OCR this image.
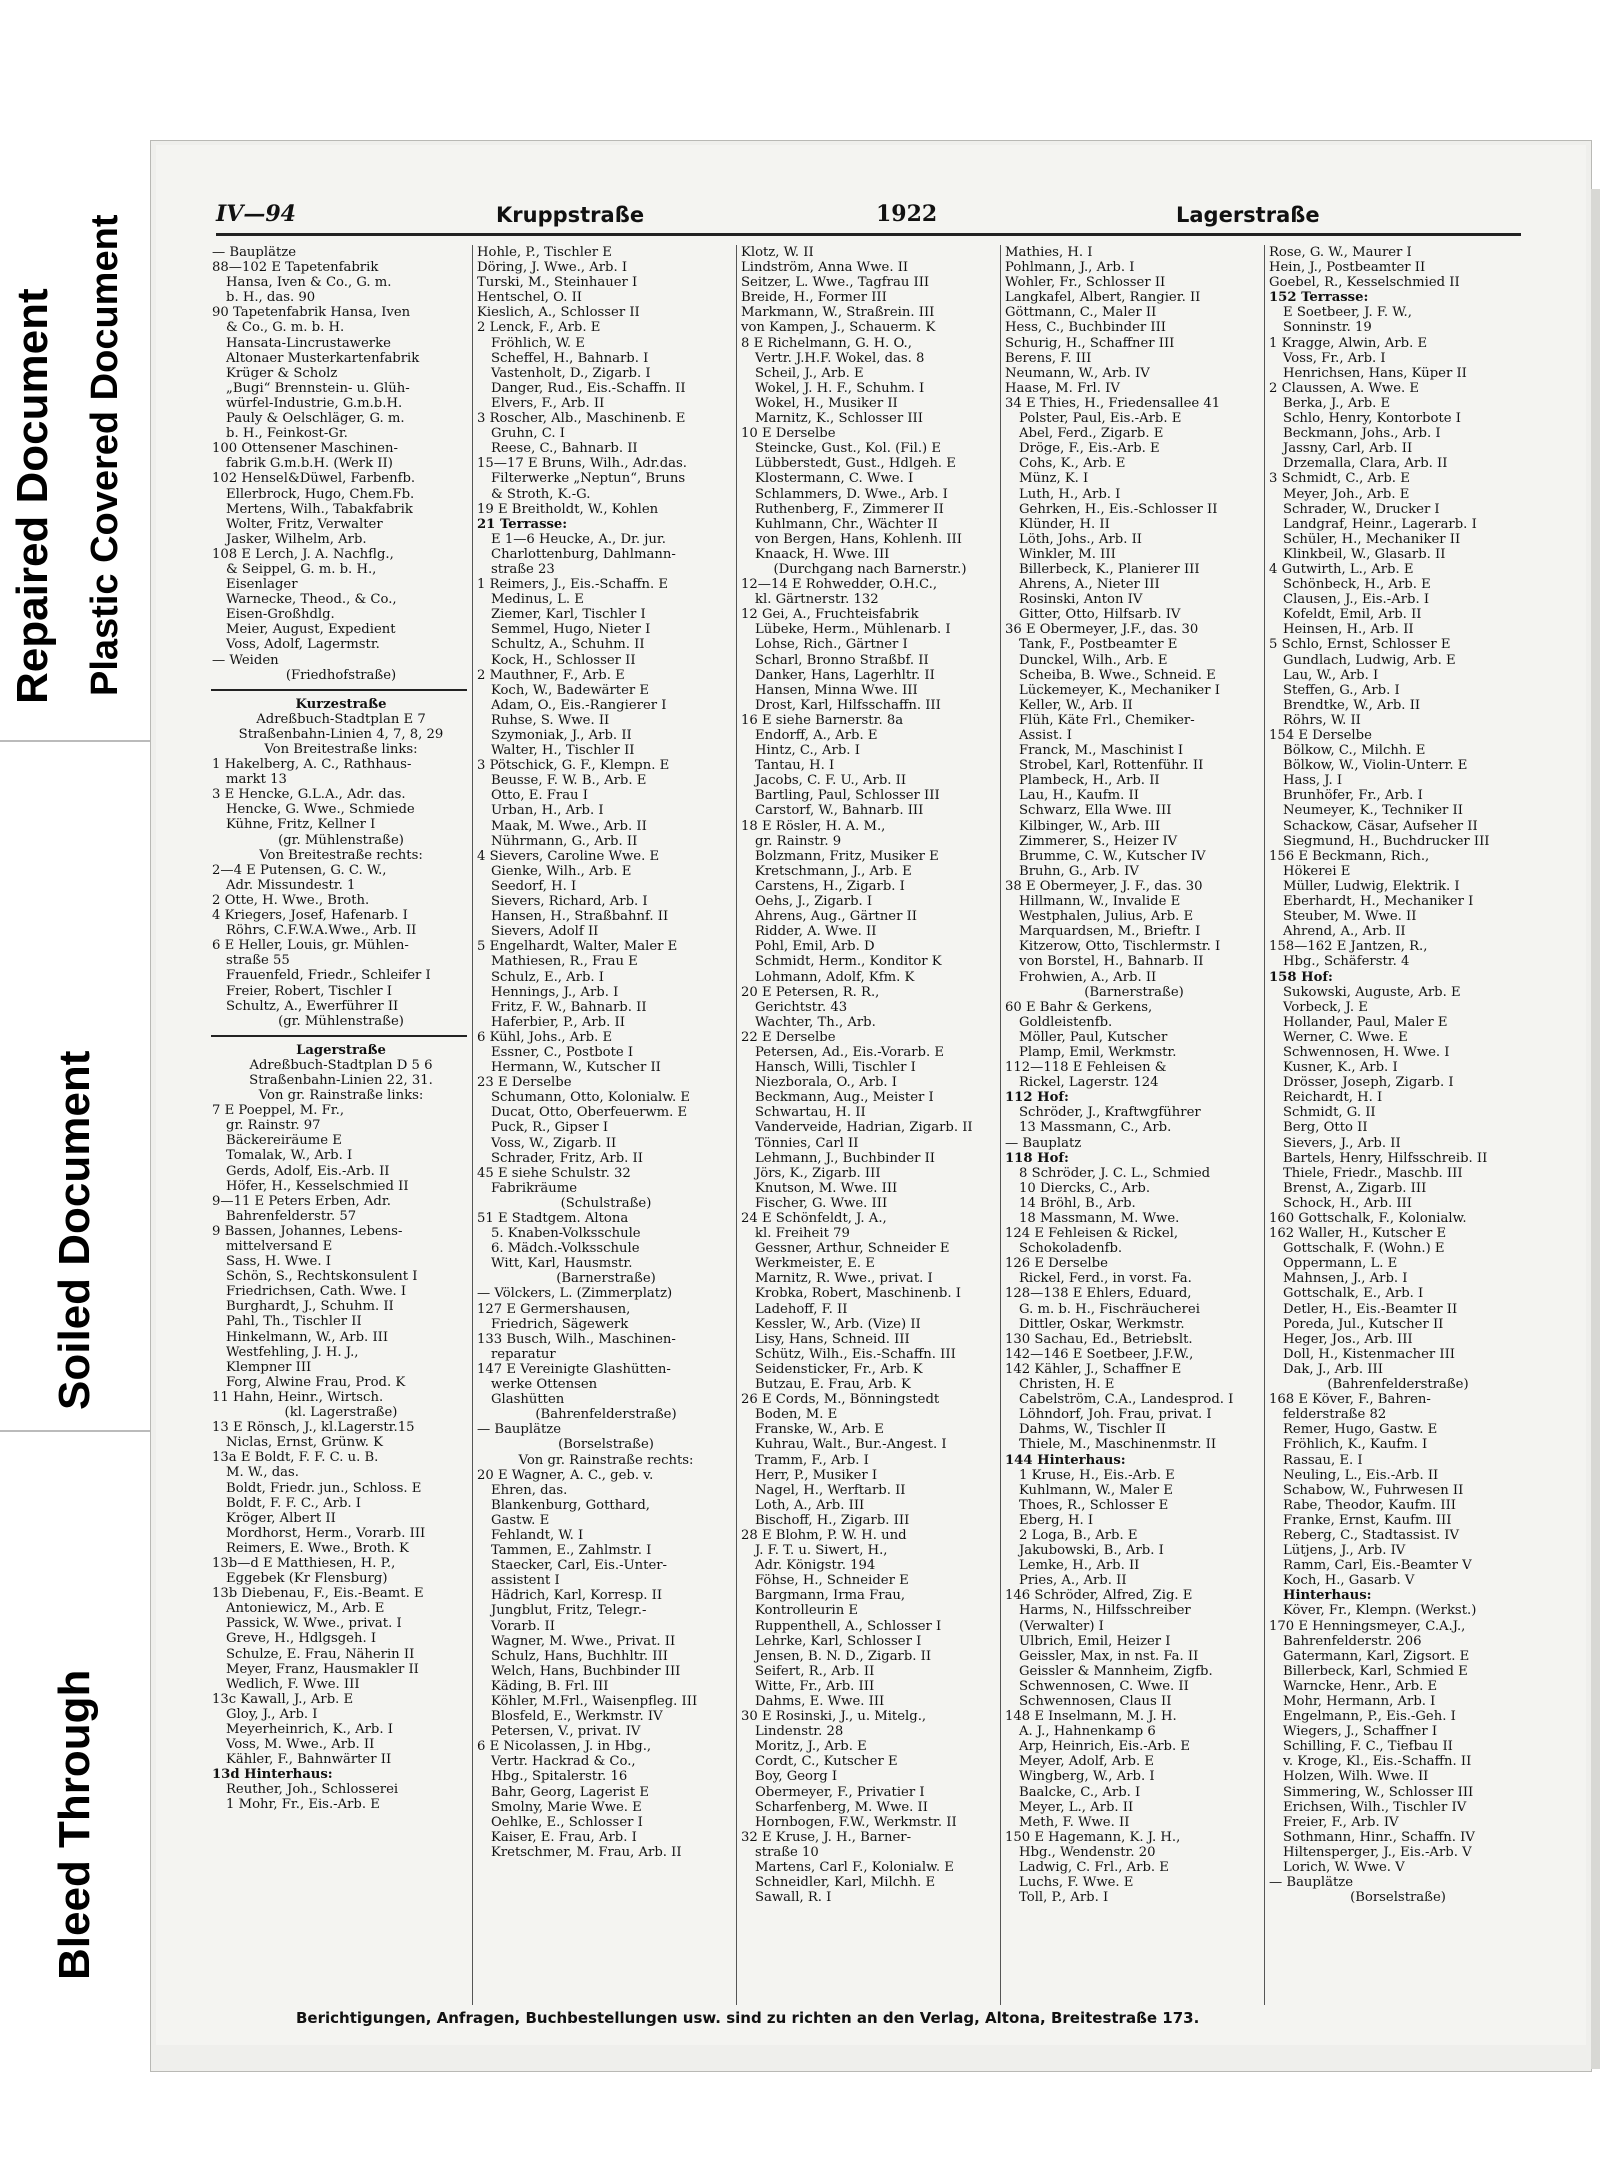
Repaired Document Plastic Covered Document
Soiled Document
Bleed Through
IV—94	Kruppstraße	1922	Lagerstraße
— Bauplätze
88—102 E Tapetenfabrik
Hansa, Iven & Co., G. m.
b. H., das. 90
90 Tapetenfabrik Hansa, Iven
& Co., G. m. b. H.
Hansata-Lincrustawerke
Altonaer Musterkartenfabrik
Krüger & Scholz
„Bugi“ Brennstein- u. Glüh-
würfel-Industrie, G.m.b.H.
Pauly & Oelschläger, G. m.
b. H., Feinkost-Gr.
100 Ottensener Maschinen-
fabrik G.m.b.H. (Werk II)
102 Hensel&Düwel, Farbenfb.
Ellerbrock, Hugo, Chem.Fb.
Mertens, Wilh., Tabakfabrik
Wolter, Fritz, Verwalter
Jasker, Wilhelm, Arb.
108 E Lerch, J. A. Nachflg.,
& Seippel, G. m. b. H.,
Eisenlager
Warnecke, Theod., & Co.,
Eisen-Großhdlg.
Meier, August, Expedient
Voss, Adolf, Lagermstr.
— Weiden
(Friedhofstraße)
Kurzestraße
Adreßbuch-Stadtplan E 7
Straßenbahn-Linien 4, 7, 8, 29
Von Breitestraße links:
1 Hakelberg, A. C., Rathhaus-
markt 13
3 E Hencke, G.L.A., Adr. das.
Hencke, G. Wwe., Schmiede
Kühne, Fritz, Kellner I
(gr. Mühlenstraße)
Von Breitestraße rechts:
2—4 E Putensen, G. C. W.,
Adr. Missundestr. 1
2 Otte, H. Wwe., Broth.
4 Kriegers, Josef, Hafenarb. I
Röhrs, C.F.W.A.Wwe., Arb. II
6 E Heller, Louis, gr. Mühlen-
straße 55
Frauenfeld, Friedr., Schleifer I
Freier, Robert, Tischler I
Schultz, A., Ewerführer II
(gr. Mühlenstraße)
Lagerstraße
Adreßbuch-Stadtplan D 5 6
Straßenbahn-Linien 22, 31.
Von gr. Rainstraße links:
7 E Poeppel, M. Fr.,
gr. Rainstr. 97
Bäckereiräume E
Tomalak, W., Arb. I
Gerds, Adolf, Eis.-Arb. II
Höfer, H., Kesselschmied II
9—11 E Peters Erben, Adr.
Bahrenfelderstr. 57
9 Bassen, Johannes, Lebens-
mittelversand E
Sass, H. Wwe. I
Schön, S., Rechtskonsulent I
Friedrichsen, Cath. Wwe. I
Burghardt, J., Schuhm. II
Pahl, Th., Tischler II
Hinkelmann, W., Arb. III
Westfehling, J. H. J.,
Klempner III
Forg, Alwine Frau, Prod. K
11 Hahn, Heinr., Wirtsch.
(kl. Lagerstraße)
13 E Rönsch, J., kl.Lagerstr.15
Niclas, Ernst, Grünw. K
13a E Boldt, F. F. C. u. B.
M. W., das.
Boldt, Friedr. jun., Schloss. E
Boldt, F. F. C., Arb. I
Kröger, Albert II
Mordhorst, Herm., Vorarb. III
Reimers, E. Wwe., Broth. K
13b—d E Matthiesen, H. P.,
Eggebek (Kr Flensburg)
13b Diebenau, F., Eis.-Beamt. E
Antoniewicz, M., Arb. E
Passick, W. Wwe., privat. I
Greve, H., Hdlgsgeh. I
Schulze, E. Frau, Näherin II
Meyer, Franz, Hausmakler II
Wedlich, F. Wwe. III
13c Kawall, J., Arb. E
Gloy, J., Arb. I
Meyerheinrich, K., Arb. I
Voss, M. Wwe., Arb. II
Kähler, F., Bahnwärter II
13d Hinterhaus:
Reuther, Joh., Schlosserei
1 Mohr, Fr., Eis.-Arb. E
Hohle, P., Tischler E
Döring, J. Wwe., Arb. I
Turski, M., Steinhauer I
Hentschel, O. II
Kieslich, A., Schlosser II
2 Lenck, F., Arb. E
Fröhlich, W. E
Scheffel, H., Bahnarb. I
Vastenholt, D., Zigarb. I
Danger, Rud., Eis.-Schaffn. II
Elvers, F., Arb. II
3 Roscher, Alb., Maschinenb. E
Gruhn, C. I
Reese, C., Bahnarb. II
15—17 E Bruns, Wilh., Adr.das.
Filterwerke „Neptun“, Bruns
& Stroth, K.-G.
19 E Breitholdt, W., Kohlen
21 Terrasse:
E 1—6 Heucke, A., Dr. jur.
Charlottenburg, Dahlmann-
straße 23
1 Reimers, J., Eis.-Schaffn. E
Medinus, L. E
Ziemer, Karl, Tischler I
Semmel, Hugo, Nieter I
Schultz, A., Schuhm. II
Kock, H., Schlosser II
2 Mauthner, F., Arb. E
Koch, W., Badewärter E
Adam, O., Eis.-Rangierer I
Ruhse, S. Wwe. II
Szymoniak, J., Arb. II
Walter, H., Tischler II
3 Pötschick, G. F., Klempn. E
Beusse, F. W. B., Arb. E
Otto, E. Frau I
Urban, H., Arb. I
Maak, M. Wwe., Arb. II
Nührmann, G., Arb. II
4 Sievers, Caroline Wwe. E
Gienke, Wilh., Arb. E
Seedorf, H. I
Sievers, Richard, Arb. I
Hansen, H., Straßbahnf. II
Sievers, Adolf II
5 Engelhardt, Walter, Maler E
Mathiesen, R., Frau E
Schulz, E., Arb. I
Hennings, J., Arb. I
Fritz, F. W., Bahnarb. II
Haferbier, P., Arb. II
6 Kühl, Johs., Arb. E
Essner, C., Postbote I
Hermann, W., Kutscher II
23 E Derselbe
Schumann, Otto, Kolonialw. E
Ducat, Otto, Oberfeuerwm. E
Puck, R., Gipser I
Voss, W., Zigarb. II
Schrader, Fritz, Arb. II
45 E siehe Schulstr. 32
Fabrikräume
(Schulstraße)
51 E Stadtgem. Altona
5. Knaben-Volksschule
6. Mädch.-Volksschule
Witt, Karl, Hausmstr.
(Barnerstraße)
— Völckers, L. (Zimmerplatz)
127 E Germershausen,
Friedrich, Sägewerk
133 Busch, Wilh., Maschinen-
reparatur
147 E Vereinigte Glashütten-
werke Ottensen
Glashütten
(Bahrenfelderstraße)
— Bauplätze
(Borselstraße)
Von gr. Rainstraße rechts:
20 E Wagner, A. C., geb. v.
Ehren, das.
Blankenburg, Gotthard,
Gastw. E
Fehlandt, W. I
Tammen, E., Zahlmstr. I
Staecker, Carl, Eis.-Unter-
assistent I
Hädrich, Karl, Korresp. II
Jungblut, Fritz, Telegr.-
Vorarb. II
Wagner, M. Wwe., Privat. II
Schulz, Hans, Buchhltr. III
Welch, Hans, Buchbinder III
Käding, B. Frl. III
Köhler, M.Frl., Waisenpfleg. III
Blosfeld, E., Werkmstr. IV
Petersen, V., privat. IV
6 E Nicolassen, J. in Hbg.,
Vertr. Hackrad & Co.,
Hbg., Spitalerstr. 16
Bahr, Georg, Lagerist E
Smolny, Marie Wwe. E
Oehlke, E., Schlosser I
Kaiser, E. Frau, Arb. I
Kretschmer, M. Frau, Arb. II
Klotz, W. II
Lindström, Anna Wwe. II
Seitzer, L. Wwe., Tagfrau III
Breide, H., Former III
Markmann, W., Straßrein. III
von Kampen, J., Schauerm. K
8 E Richelmann, G. H. O.,
Vertr. J.H.F. Wokel, das. 8
Scheil, J., Arb. E
Wokel, J. H. F., Schuhm. I
Wokel, H., Musiker II
Marnitz, K., Schlosser III
10 E Derselbe
Steincke, Gust., Kol. (Fil.) E
Lübberstedt, Gust., Hdlgeh. E
Klostermann, C. Wwe. I
Schlammers, D. Wwe., Arb. I
Ruthenberg, F., Zimmerer II
Kuhlmann, Chr., Wächter II
von Bergen, Hans, Kohlenh. III
Knaack, H. Wwe. III
(Durchgang nach Barnerstr.)
12—14 E Rohwedder, O.H.C.,
kl. Gärtnerstr. 132
12 Gei, A., Fruchteisfabrik
Lübeke, Herm., Mühlenarb. I
Lohse, Rich., Gärtner I
Scharl, Bronno Straßbf. II
Danker, Hans, Lagerhltr. II
Hansen, Minna Wwe. III
Drost, Karl, Hilfsschaffn. III
16 E siehe Barnerstr. 8a
Endorff, A., Arb. E
Hintz, C., Arb. I
Tantau, H. I
Jacobs, C. F. U., Arb. II
Bartling, Paul, Schlosser III
Carstorf, W., Bahnarb. III
18 E Rösler, H. A. M.,
gr. Rainstr. 9
Bolzmann, Fritz, Musiker E
Kretschmann, J., Arb. E
Carstens, H., Zigarb. I
Oehs, J., Zigarb. I
Ahrens, Aug., Gärtner II
Ridder, A. Wwe. II
Pohl, Emil, Arb. D
Schmidt, Herm., Konditor K
Lohmann, Adolf, Kfm. K
20 E Petersen, R. R.,
Gerichtstr. 43
Wachter, Th., Arb.
22 E Derselbe
Petersen, Ad., Eis.-Vorarb. E
Hansch, Willi, Tischler I
Niezborala, O., Arb. I
Beckmann, Aug., Meister I
Schwartau, H. II
Vanderveide, Hadrian, Zigarb. II
Tönnies, Carl II
Lehmann, J., Buchbinder II
Jörs, K., Zigarb. III
Knutson, M. Wwe. III
Fischer, G. Wwe. III
24 E Schönfeldt, J. A.,
kl. Freiheit 79
Gessner, Arthur, Schneider E
Werkmeister, E. E
Marnitz, R. Wwe., privat. I
Krobka, Robert, Maschinenb. I
Ladehoff, F. II
Kessler, W., Arb. (Vize) II
Lisy, Hans, Schneid. III
Schütz, Wilh., Eis.-Schaffn. III
Seidensticker, Fr., Arb. K
Butzau, E. Frau, Arb. K
26 E Cords, M., Bönningstedt
Boden, M. E
Franske, W., Arb. E
Kuhrau, Walt., Bur.-Angest. I
Tramm, F., Arb. I
Herr, P., Musiker I
Nagel, H., Werftarb. II
Loth, A., Arb. III
Bischoff, H., Zigarb. III
28 E Blohm, P. W. H. und
J. F. T. u. Siwert, H.,
Adr. Königstr. 194
Föhse, H., Schneider E
Bargmann, Irma Frau,
Kontrolleurin E
Ruppenthell, A., Schlosser I
Lehrke, Karl, Schlosser I
Jensen, B. N. D., Zigarb. II
Seifert, R., Arb. II
Witte, Fr., Arb. III
Dahms, E. Wwe. III
30 E Rosinski, J., u. Mitelg.,
Lindenstr. 28
Moritz, J., Arb. E
Cordt, C., Kutscher E
Boy, Georg I
Obermeyer, F., Privatier I
Scharfenberg, M. Wwe. II
Hornbogen, F.W., Werkmstr. II
32 E Kruse, J. H., Barner-
straße 10
Martens, Carl F., Kolonialw. E
Schneidler, Karl, Milchh. E
Sawall, R. I
Mathies, H. I
Pohlmann, J., Arb. I
Wohler, Fr., Schlosser II
Langkafel, Albert, Rangier. II
Göttmann, C., Maler II
Hess, C., Buchbinder III
Schurig, H., Schaffner III
Berens, F. III
Neumann, W., Arb. IV
Haase, M. Frl. IV
34 E Thies, H., Friedensallee 41
Polster, Paul, Eis.-Arb. E
Abel, Ferd., Zigarb. E
Dröge, F., Eis.-Arb. E
Cohs, K., Arb. E
Münz, K. I
Luth, H., Arb. I
Gehrken, H., Eis.-Schlosser II
Klünder, H. II
Löth, Johs., Arb. II
Winkler, M. III
Billerbeck, K., Planierer III
Ahrens, A., Nieter III
Rosinski, Anton IV
Gitter, Otto, Hilfsarb. IV
36 E Obermeyer, J.F., das. 30
Tank, F., Postbeamter E
Dunckel, Wilh., Arb. E
Scheiba, B. Wwe., Schneid. E
Lückemeyer, K., Mechaniker I
Keller, W., Arb. II
Flüh, Käte Frl., Chemiker-
Assist. I
Franck, M., Maschinist I
Strobel, Karl, Rottenführ. II
Plambeck, H., Arb. II
Lau, H., Kaufm. II
Schwarz, Ella Wwe. III
Kilbinger, W., Arb. III
Zimmerer, S., Heizer IV
Brumme, C. W., Kutscher IV
Bruhn, G., Arb. IV
38 E Obermeyer, J. F., das. 30
Hillmann, W., Invalide E
Westphalen, Julius, Arb. E
Marquardsen, M., Brieftr. I
Kitzerow, Otto, Tischlermstr. I
von Borstel, H., Bahnarb. II
Frohwien, A., Arb. II
(Barnerstraße)
60 E Bahr & Gerkens,
Goldleistenfb.
Möller, Paul, Kutscher
Plamp, Emil, Werkmstr.
112—118 E Fehleisen &
Rickel, Lagerstr. 124
112 Hof:
Schröder, J., Kraftwgführer
13 Massmann, C., Arb.
— Bauplatz
118 Hof:
8 Schröder, J. C. L., Schmied
10 Diercks, C., Arb.
14 Bröhl, B., Arb.
18 Massmann, M. Wwe.
124 E Fehleisen & Rickel,
Schokoladenfb.
126 E Derselbe
Rickel, Ferd., in vorst. Fa.
128—138 E Ehlers, Eduard,
G. m. b. H., Fischräucherei
Dittler, Oskar, Werkmstr.
130 Sachau, Ed., Betriebslt.
142—146 E Soetbeer, J.F.W.,
142 Kähler, J., Schaffner E
Christen, H. E
Cabelström, C.A., Landesprod. I
Löhndorf, Joh. Frau, privat. I
Dahms, W., Tischler II
Thiele, M., Maschinenmstr. II
144 Hinterhaus:
1 Kruse, H., Eis.-Arb. E
Kuhlmann, W., Maler E
Thoes, R., Schlosser E
Eberg, H. I
2 Loga, B., Arb. E
Jakubowski, B., Arb. I
Lemke, H., Arb. II
Pries, A., Arb. II
146 Schröder, Alfred, Zig. E
Harms, N., Hilfsschreiber
(Verwalter) I
Ulbrich, Emil, Heizer I
Geissler, Max, in nst. Fa. II
Geissler & Mannheim, Zigfb.
Schwennosen, C. Wwe. II
Schwennosen, Claus II
148 E Inselmann, M. J. H.
A. J., Hahnenkamp 6
Arp, Heinrich, Eis.-Arb. E
Meyer, Adolf, Arb. E
Wingberg, W., Arb. I
Baalcke, C., Arb. I
Meyer, L., Arb. II
Meth, F. Wwe. II
150 E Hagemann, K. J. H.,
Hbg., Wendenstr. 20
Ladwig, C. Frl., Arb. E
Luchs, F. Wwe. E
Toll, P., Arb. I
Rose, G. W., Maurer I
Hein, J., Postbeamter II
Goebel, R., Kesselschmied II
152 Terrasse:
E Soetbeer, J. F. W.,
Sonninstr. 19
1 Kragge, Alwin, Arb. E
Voss, Fr., Arb. I
Henrichsen, Hans, Küper II
2 Claussen, A. Wwe. E
Berka, J., Arb. E
Schlo, Henry, Kontorbote I
Beckmann, Johs., Arb. I
Jassny, Carl, Arb. II
Drzemalla, Clara, Arb. II
3 Schmidt, C., Arb. E
Meyer, Joh., Arb. E
Schrader, W., Drucker I
Landgraf, Heinr., Lagerarb. I
Schüler, H., Mechaniker II
Klinkbeil, W., Glasarb. II
4 Gutwirth, L., Arb. E
Schönbeck, H., Arb. E
Clausen, J., Eis.-Arb. I
Kofeldt, Emil, Arb. II
Heinsen, H., Arb. II
5 Schlo, Ernst, Schlosser E
Gundlach, Ludwig, Arb. E
Lau, W., Arb. I
Steffen, G., Arb. I
Brendtke, W., Arb. II
Röhrs, W. II
154 E Derselbe
Bölkow, C., Milchh. E
Bölkow, W., Violin-Unterr. E
Hass, J. I
Brunhöfer, Fr., Arb. I
Neumeyer, K., Techniker II
Schackow, Cäsar, Aufseher II
Siegmund, H., Buchdrucker III
156 E Beckmann, Rich.,
Hökerei E
Müller, Ludwig, Elektrik. I
Eberhardt, H., Mechaniker I
Steuber, M. Wwe. II
Ahrend, A., Arb. II
158—162 E Jantzen, R.,
Hbg., Schäferstr. 4
158 Hof:
Sukowski, Auguste, Arb. E
Vorbeck, J. E
Hollander, Paul, Maler E
Werner, C. Wwe. E
Schwennosen, H. Wwe. I
Kusner, K., Arb. I
Drösser, Joseph, Zigarb. I
Reichardt, H. I
Schmidt, G. II
Berg, Otto II
Sievers, J., Arb. II
Bartels, Henry, Hilfsschreib. II
Thiele, Friedr., Maschb. III
Brenst, A., Zigarb. III
Schock, H., Arb. III
160 Gottschalk, F., Kolonialw.
162 Waller, H., Kutscher E
Gottschalk, F. (Wohn.) E
Oppermann, L. E
Mahnsen, J., Arb. I
Gottschalk, E., Arb. I
Detler, H., Eis.-Beamter II
Poreda, Jul., Kutscher II
Heger, Jos., Arb. III
Doll, H., Kistenmacher III
Dak, J., Arb. III
(Bahrenfelderstraße)
168 E Köver, F., Bahren-
felderstraße 82
Remer, Hugo, Gastw. E
Fröhlich, K., Kaufm. I
Rassau, E. I
Neuling, L., Eis.-Arb. II
Schabow, W., Fuhrwesen II
Rabe, Theodor, Kaufm. III
Franke, Ernst, Kaufm. III
Reberg, C., Stadtassist. IV
Lütjens, J., Arb. IV
Ramm, Carl, Eis.-Beamter V
Koch, H., Gasarb. V
Hinterhaus:
Köver, Fr., Klempn. (Werkst.)
170 E Henningsmeyer, C.A.J.,
Bahrenfelderstr. 206
Gatermann, Karl, Zigsort. E
Billerbeck, Karl, Schmied E
Warncke, Henr., Arb. E
Mohr, Hermann, Arb. I
Engelmann, P., Eis.-Geh. I
Wiegers, J., Schaffner I
Schilling, F. C., Tiefbau II
v. Kroge, Kl., Eis.-Schaffn. II
Holzen, Wilh. Wwe. II
Simmering, W., Schlosser III
Erichsen, Wilh., Tischler IV
Freier, F., Arb. IV
Sothmann, Hinr., Schaffn. IV
Hiltensperger, J., Eis.-Arb. V
Lorich, W. Wwe. V
— Bauplätze
(Borselstraße)
Berichtigungen, Anfragen, Buchbestellungen usw. sind zu richten an den Verlag, Altona, Breitestraße 173.
